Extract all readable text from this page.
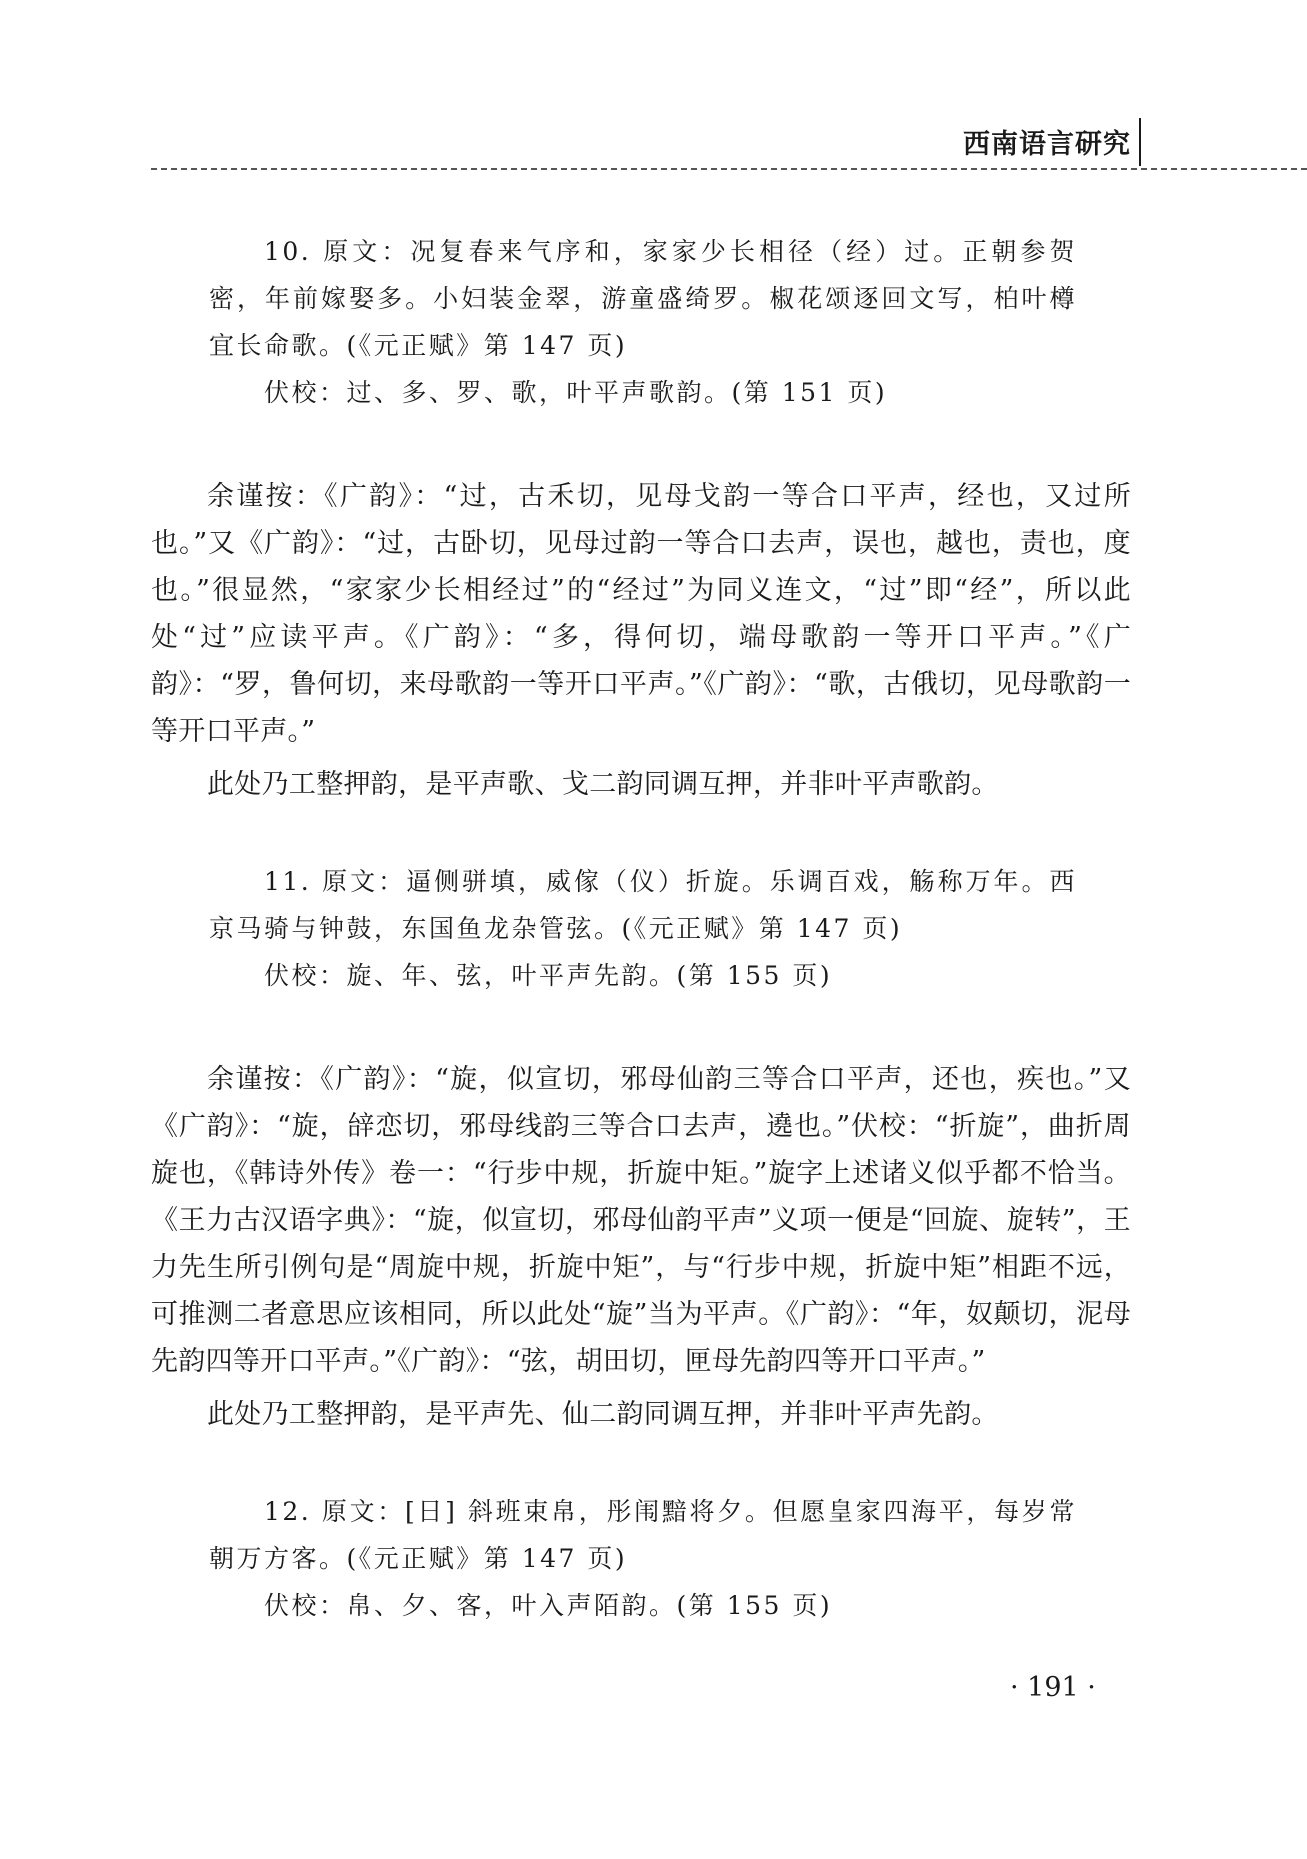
西南语言研究

10. 原文：况复春来气序和，家家少长相径（经）过。正朝参贺密，年前嫁娶多。小妇装金翠，游童盛绮罗。椒花颂逐回文写，柏叶樽宜长命歌。(《元正赋》第 147 页)

伏校：过、多、罗、歌，叶平声歌韵。(第 151 页)

余谨按：《广韵》：“过，古禾切，见母戈韵一等合口平声，经也，又过所也。”又《广韵》：“过，古卧切，见母过韵一等合口去声，误也，越也，责也，度也。”很显然，“家家少长相经过”的“经过”为同义连文，“过”即“经”，所以此处“过”应读平声。《广韵》：“多，得何切，端母歌韵一等开口平声。”《广韵》：“罗，鲁何切，来母歌韵一等开口平声。”《广韵》：“歌，古俄切，见母歌韵一等开口平声。”

此处乃工整押韵，是平声歌、戈二韵同调互押，并非叶平声歌韵。

11. 原文：逼侧骈填，威傢（仪）折旋。乐调百戏，觞称万年。西京马骑与钟鼓，东国鱼龙杂管弦。(《元正赋》第 147 页)

伏校：旋、年、弦，叶平声先韵。(第 155 页)

余谨按：《广韵》：“旋，似宣切，邪母仙韵三等合口平声，还也，疾也。”又《广韵》：“旋，辝恋切，邪母线韵三等合口去声，遶也。”伏校：“折旋”，曲折周旋也，《韩诗外传》卷一：“行步中规，折旋中矩。”旋字上述诸义似乎都不恰当。《王力古汉语字典》：“旋，似宣切，邪母仙韵平声”义项一便是“回旋、旋转”，王力先生所引例句是“周旋中规，折旋中矩”，与“行步中规，折旋中矩”相距不远，可推测二者意思应该相同，所以此处“旋”当为平声。《广韵》：“年，奴颠切，泥母先韵四等开口平声。”《广韵》：“弦，胡田切，匣母先韵四等开口平声。”

此处乃工整押韵，是平声先、仙二韵同调互押，并非叶平声先韵。

12. 原文：[日] 斜班束帛，彤闱黯将夕。但愿皇家四海平，每岁常朝万方客。(《元正赋》第 147 页)

伏校：帛、夕、客，叶入声陌韵。(第 155 页)

· 191 ·
